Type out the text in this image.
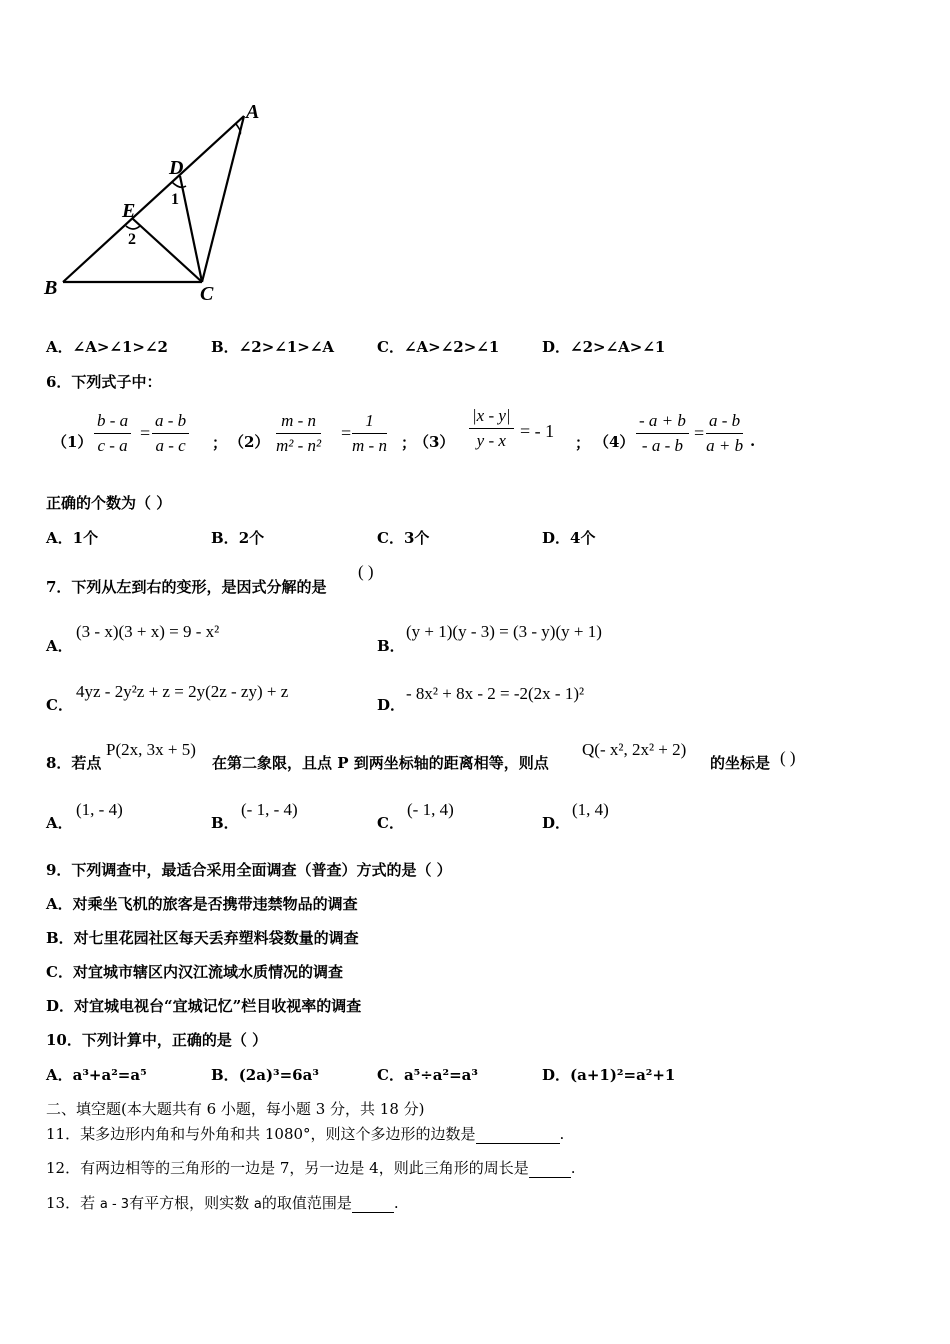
A
D
E
B	C
1
2
A．∠A>∠1>∠2	B．∠2>∠1>∠A	C．∠A>∠2>∠1	D．∠2>∠A>∠1
6．下列式子中：
$(1) \frac{b - a}{c - a} = \frac{a - b}{a - c}$ ； $(2) \frac{m - n}{\text{m² - n²}} = \frac{1}{m - n}$ ；
$(3) \frac{|x - y|}{y - x}$ = - 1
； $(4) \frac{- a + b}{- a - b} = \frac{a - b}{a + b}$ .
正确的个数为（ ）
A．1个	B．2个	C．3个	D．4个
7．下列从左到右的变形，是因式分解的是
( )
A．
(3 - x)(3 + x) = 9 - x²
B．
(y + 1)(y - 3) = (3 - y)(y + 1)
C．
4yz - 2y²z + z = 2y(2z - zy) + z
D．
- 8x² + 8x - 2 = -2(2x - 1)²
8．若点
P(2x, 3x + 5)
在第二象限，且点 P 到两坐标轴的距离相等，则点
Q(- x², 2x² + 2)
的坐标是 ( )
A．
(1, - 4)
B．
(- 1, - 4)
C．
(- 1, 4)
D．
(1, 4)
9．下列调查中，最适合采用全面调查（普查）方式的是（ ）
A．对乘坐飞机的旅客是否携带违禁物品的调查
B．对七里花园社区每天丢弃塑料袋数量的调查
C．对宜城市辖区内汉江流域水质情况的调查
D．对宜城电视台“宜城记忆”栏目收视率的调查
10．下列计算中，正确的是（ ）
A．a³+a²=a⁵	B．(2a)³=6a³	C．a⁵÷a²=a³	D．(a+1)²=a²+1
二、填空题(本大题共有 6 小题，每小题 3 分，共 18 分)
11．某多边形内角和与外角和共 1080°，则这个多边形的边数是	.
12．有两边相等的三角形的一边是 7，另一边是 4，则此三角形的周长是	.
13．若 a - 3有平方根，则实数 a的取值范围是	.
